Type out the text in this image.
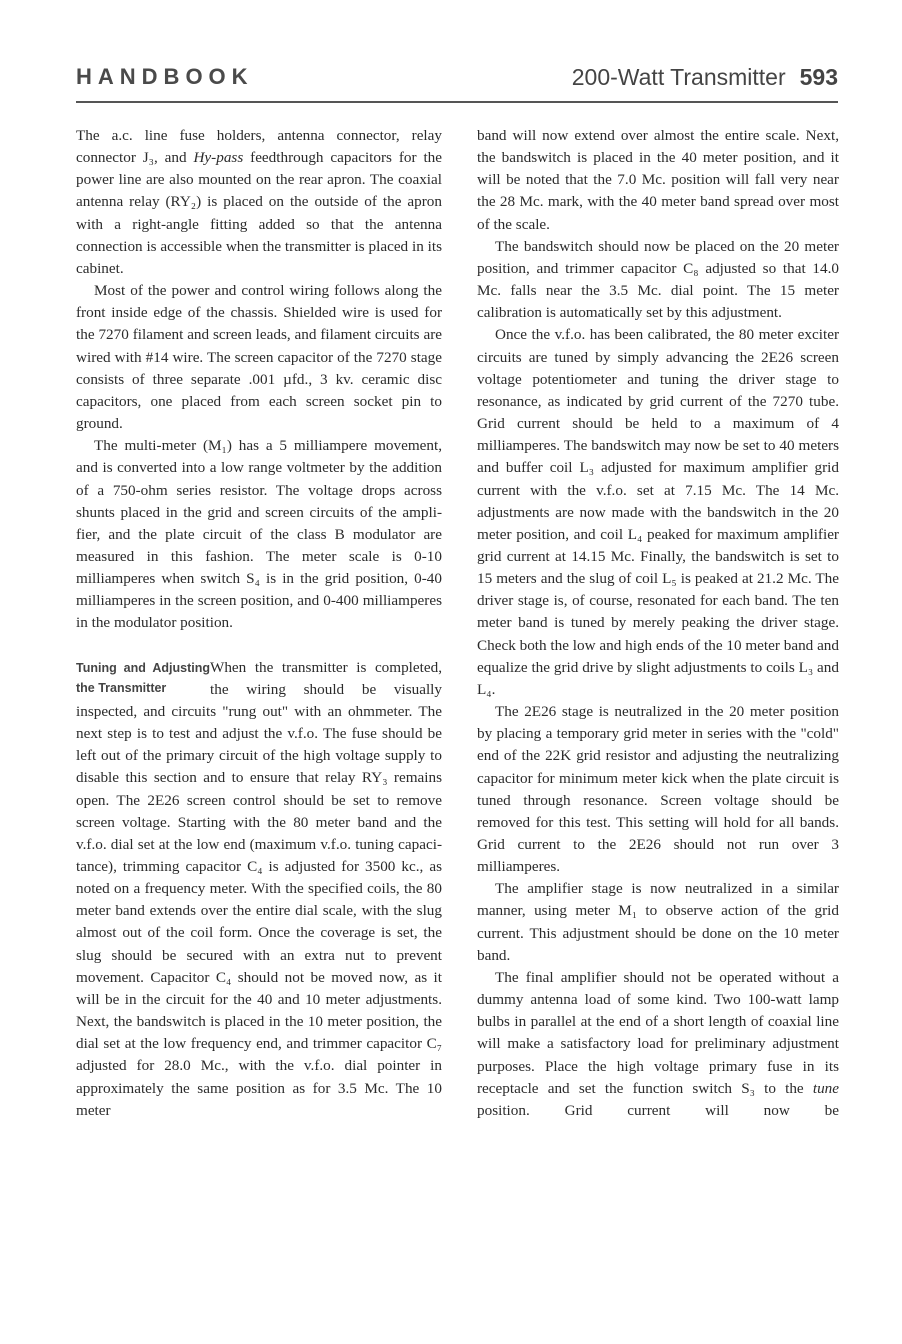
HANDBOOK	200-Watt Transmitter 593

The a.c. line fuse holders, antenna connector, relay connector J₃, and Hy-pass feedthrough capacitors for the power line are also mounted on the rear apron. The coaxial antenna relay (RY₂) is placed on the outside of the apron with a right-angle fitting added so that the antenna connection is accessible when the transmitter is placed in its cabinet.

Most of the power and control wiring follows along the front inside edge of the chassis. Shielded wire is used for the 7270 filament and screen leads, and filament circuits are wired with #14 wire. The screen capacitor of the 7270 stage consists of three separate .001 µfd., 3 kv. ceramic disc capacitors, one placed from each screen socket pin to ground.

The multi-meter (M₁) has a 5 milliampere movement, and is converted into a low range voltmeter by the addition of a 750-ohm series resistor. The voltage drops across shunts placed in the grid and screen circuits of the amplifier, and the plate circuit of the class B modulator are measured in this fashion. The meter scale is 0-10 milliamperes when switch S₄ is in the grid position, 0-40 milliamperes in the screen position, and 0-400 milliamperes in the modulator position.

Tuning and Adjusting the Transmitter

When the transmitter is completed, the wiring should be visually inspected, and circuits "rung out" with an ohmmeter. The next step is to test and adjust the v.f.o. The fuse should be left out of the primary circuit of the high voltage supply to disable this section and to ensure that relay RY₃ remains open. The 2E26 screen control should be set to remove screen voltage. Starting with the 80 meter band and the v.f.o. dial set at the low end (maximum v.f.o. tuning capacitance), trimming capacitor C₄ is adjusted for 3500 kc., as noted on a frequency meter. With the specified coils, the 80 meter band extends over the entire dial scale, with the slug almost out of the coil form. Once the coverage is set, the slug should be secured with an extra nut to prevent movement. Capacitor C₄ should not be moved now, as it will be in the circuit for the 40 and 10 meter adjustments. Next, the bandswitch is placed in the 10 meter position, the dial set at the low frequency end, and trimmer capacitor C₇ adjusted for 28.0 Mc., with the v.f.o. dial pointer in approximately the same position as for 3.5 Mc. The 10 meter

band will now extend over almost the entire scale. Next, the bandswitch is placed in the 40 meter position, and it will be noted that the 7.0 Mc. position will fall very near the 28 Mc. mark, with the 40 meter band spread over most of the scale.

The bandswitch should now be placed on the 20 meter position, and trimmer capacitor C₈ adjusted so that 14.0 Mc. falls near the 3.5 Mc. dial point. The 15 meter calibration is automatically set by this adjustment.

Once the v.f.o. has been calibrated, the 80 meter exciter circuits are tuned by simply advancing the 2E26 screen voltage potentiometer and tuning the driver stage to resonance, as indicated by grid current of the 7270 tube. Grid current should be held to a maximum of 4 milliamperes. The bandswitch may now be set to 40 meters and buffer coil L₃ adjusted for maximum amplifier grid current with the v.f.o. set at 7.15 Mc. The 14 Mc. adjustments are now made with the bandswitch in the 20 meter position, and coil L₄ peaked for maximum amplifier grid current at 14.15 Mc. Finally, the bandswitch is set to 15 meters and the slug of coil L₅ is peaked at 21.2 Mc. The driver stage is, of course, resonated for each band. The ten meter band is tuned by merely peaking the driver stage. Check both the low and high ends of the 10 meter band and equalize the grid drive by slight adjustments to coils L₃ and L₄.

The 2E26 stage is neutralized in the 20 meter position by placing a temporary grid meter in series with the "cold" end of the 22K grid resistor and adjusting the neutralizing capacitor for minimum meter kick when the plate circuit is tuned through resonance. Screen voltage should be removed for this test. This setting will hold for all bands. Grid current to the 2E26 should not run over 3 milliamperes.

The amplifier stage is now neutralized in a similar manner, using meter M₁ to observe action of the grid current. This adjustment should be done on the 10 meter band.

The final amplifier should not be operated without a dummy antenna load of some kind. Two 100-watt lamp bulbs in parallel at the end of a short length of coaxial line will make a satisfactory load for preliminary adjustment purposes. Place the high voltage primary fuse in its receptacle and set the function switch S₃ to the tune position. Grid current will now be
